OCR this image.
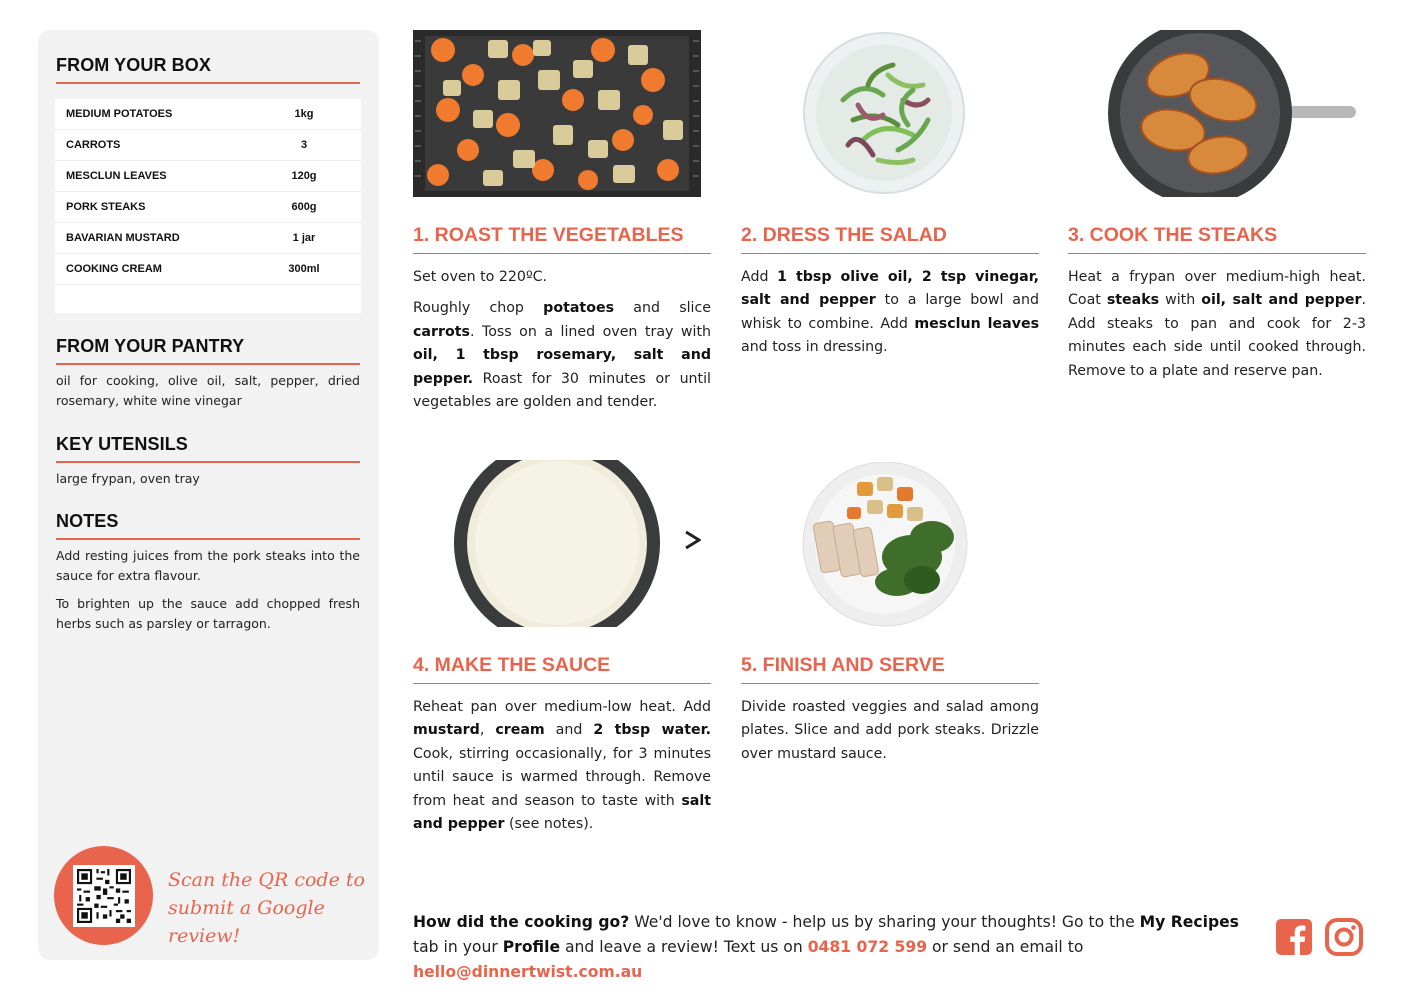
FROM YOUR BOX
MEDIUM POTATOES	1kg
CARROTS	3
MESCLUN LEAVES	120g
PORK STEAKS	600g
BAVARIAN MUSTARD	1 jar
COOKING CREAM	300ml
FROM YOUR PANTRY
oil for cooking, olive oil, salt, pepper, dried rosemary, white wine vinegar
KEY UTENSILS
large frypan, oven tray
NOTES

Add resting juices from the pork steaks into the sauce for extra flavour.

To brighten up the sauce add chopped fresh herbs such as parsley or tarragon.

Scan the QR code to
submit a Google review!
1. ROAST THE VEGETABLES

Set oven to 220ºC.

Roughly chop potatoes and slice carrots. Toss on a lined oven tray with oil, 1 tbsp rosemary, salt and pepper. Roast for 30 minutes or until vegetables are golden and tender.

2. DRESS THE SALAD

Add 1 tbsp olive oil, 2 tsp vinegar, salt and pepper to a large bowl and whisk to combine. Add mesclun leaves and toss in dressing.

3. COOK THE STEAKS

Heat a frypan over medium-high heat. Coat steaks with oil, salt and pepper. Add steaks to pan and cook for 2-3 minutes each side until cooked through. Remove to a plate and reserve pan.

4. MAKE THE SAUCE

Reheat pan over medium-low heat. Add mustard, cream and 2 tbsp water. Cook, stirring occasionally, for 3 minutes until sauce is warmed through. Remove from heat and season to taste with salt and pepper (see notes).

5. FINISH AND SERVE

Divide roasted veggies and salad among plates. Slice and add pork steaks. Drizzle over mustard sauce.

How did the cooking go? We'd love to know - help us by sharing your thoughts! Go to the My Recipes tab in your Profile and leave a review! Text us on 0481 072 599 or send an email to hello@dinnertwist.com.au
